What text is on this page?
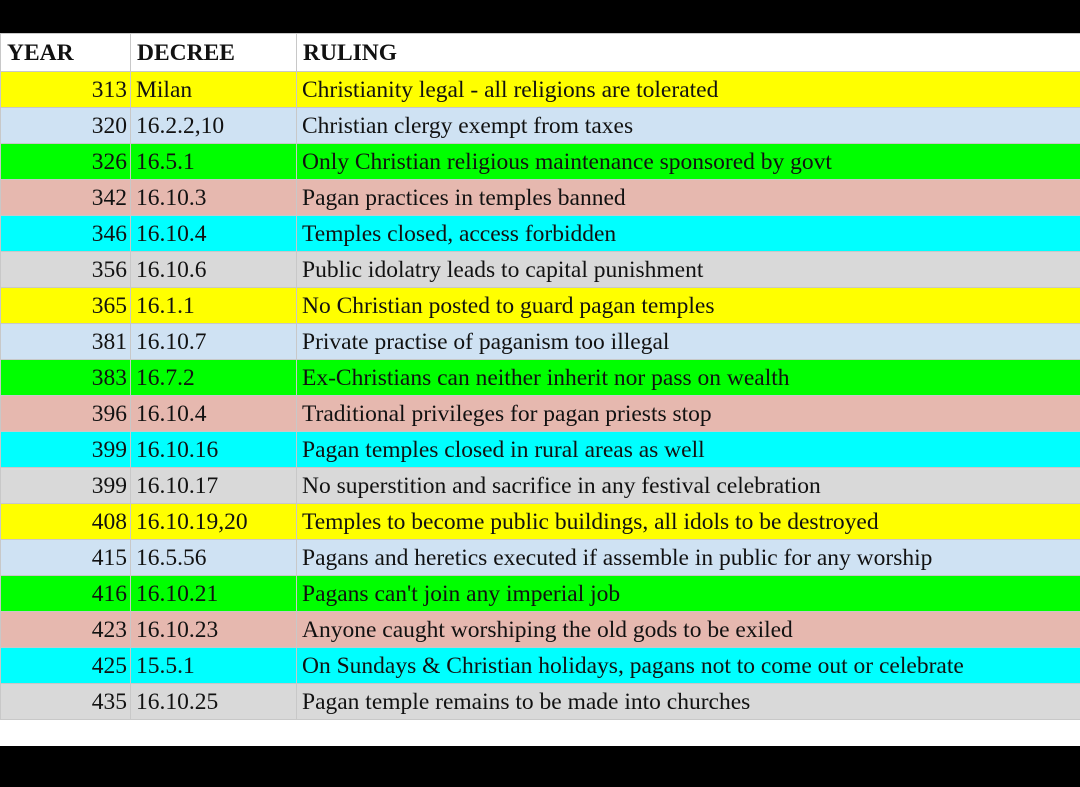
YEAR	DECREE	RULING
313	Milan	Christianity legal - all religions are tolerated
320	16.2.2,10	Christian clergy exempt from taxes
326	16.5.1	Only Christian religious maintenance sponsored by govt
342	16.10.3	Pagan practices in temples banned
346	16.10.4	Temples closed, access forbidden
356	16.10.6	Public idolatry leads to capital punishment
365	16.1.1	No Christian posted to guard pagan temples
381	16.10.7	Private practise of paganism too illegal
383	16.7.2	Ex-Christians can neither inherit nor pass on wealth
396	16.10.4	Traditional privileges for pagan priests stop
399	16.10.16	Pagan temples closed in rural areas as well
399	16.10.17	No superstition and sacrifice in any festival celebration
408	16.10.19,20	Temples to become public buildings, all idols to be destroyed
415	16.5.56	Pagans and heretics executed if assemble in public for any worship
416	16.10.21	Pagans can't join any imperial job
423	16.10.23	Anyone caught worshiping the old gods to be exiled
425	15.5.1	On Sundays & Christian holidays, pagans not to come out or celebrate
435	16.10.25	Pagan temple remains to be made into churches
